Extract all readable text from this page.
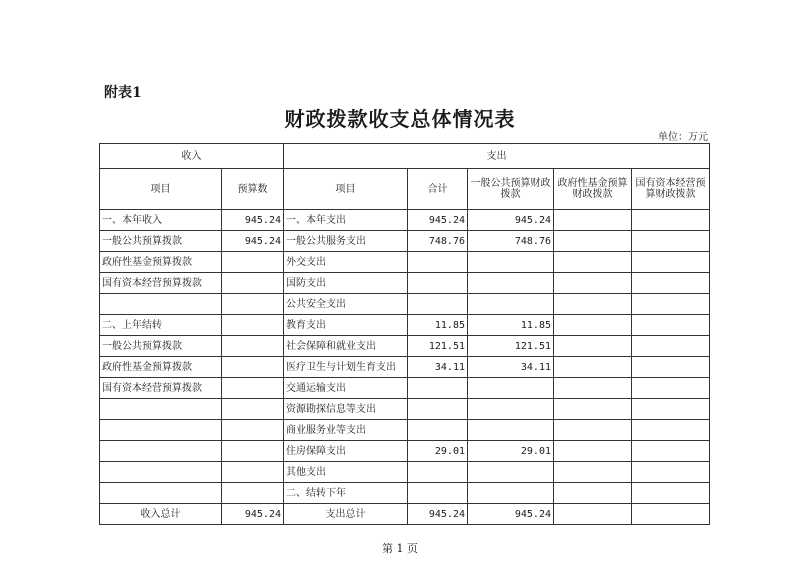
附表1
财政拨款收支总体情况表
单位：万元
收入		支出				
项目	预算数	项目	合计	一般公共预算财政拨款	政府性基金预算财政拨款	国有资本经营预算财政拨款
一、本年收入	945.24	一、本年支出	945.24	945.24		
一般公共预算拨款	945.24	一般公共服务支出	748.76	748.76		
政府性基金预算拨款		外交支出				
国有资本经营预算拨款		国防支出				
		公共安全支出				
二、上年结转		教育支出	11.85	11.85		
一般公共预算拨款		社会保障和就业支出	121.51	121.51		
政府性基金预算拨款		医疗卫生与计划生育支出	34.11	34.11		
国有资本经营预算拨款		交通运输支出				
		资源勘探信息等支出				
		商业服务业等支出				
		住房保障支出	29.01	29.01		
		其他支出				
		二、结转下年				
收入总计	945.24	支出总计	945.24	945.24		
第 1 页
